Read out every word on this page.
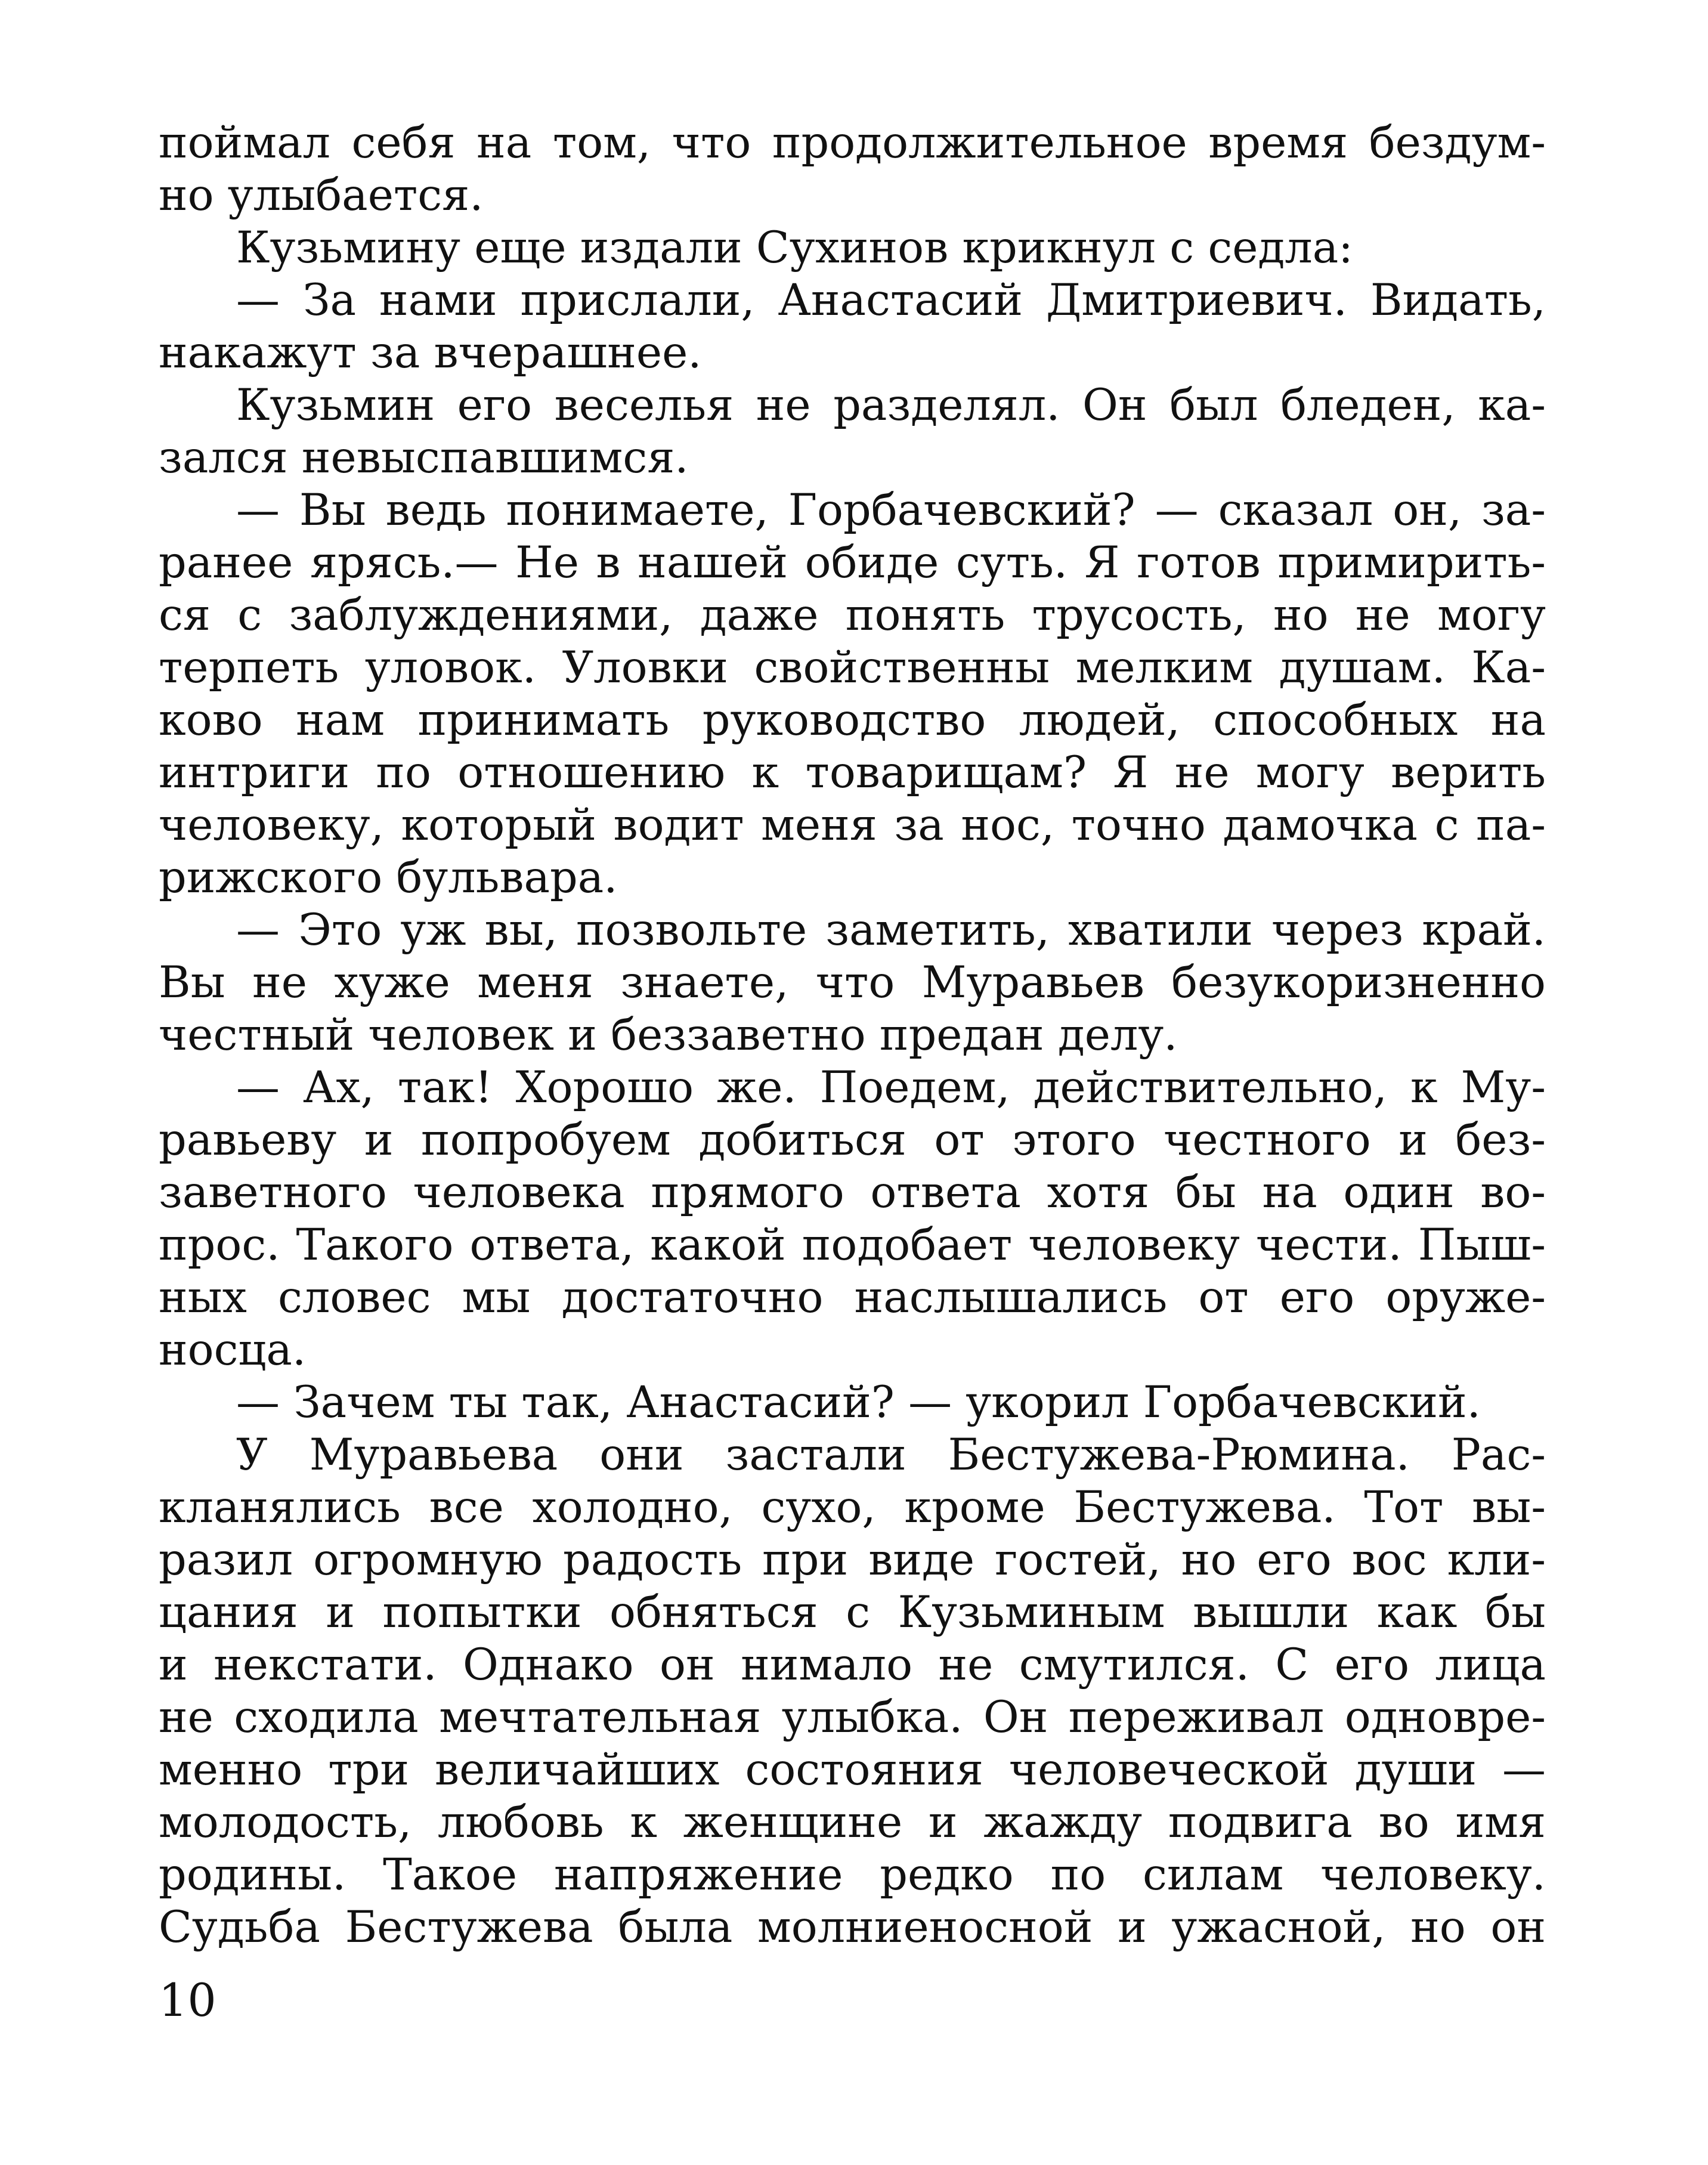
поймал себя на том, что продолжительное время бездум-
но улыбается.
Кузьмину еще издали Сухинов крикнул с седла:
— За нами прислали, Анастасий Дмитриевич. Видать,
накажут за вчерашнее.
Кузьмин его веселья не разделял. Он был бледен, ка-
зался невыспавшимся.
— Вы ведь понимаете, Горбачевский? — сказал он, за-
ранее ярясь.— Не в нашей обиде суть. Я готов примирить-
ся с заблуждениями, даже понять трусость, но не могу
терпеть уловок. Уловки свойственны мелким душам. Ка-
ково нам принимать руководство людей, способных на
интриги по отношению к товарищам? Я не могу верить
человеку, который водит меня за нос, точно дамочка с па-
рижского бульвара.
— Это уж вы, позвольте заметить, хватили через край.
Вы не хуже меня знаете, что Муравьев безукоризненно
честный человек и беззаветно предан делу.
— Ах, так! Хорошо же. Поедем, действительно, к Му-
равьеву и попробуем добиться от этого честного и без-
заветного человека прямого ответа хотя бы на один во-
прос. Такого ответа, какой подобает человеку чести. Пыш-
ных словес мы достаточно наслышались от его оруже-
носца.
— Зачем ты так, Анастасий? — укорил Горбачевский.
У Муравьева они застали Бестужева-Рюмина. Рас-
кланялись все холодно, сухо, кроме Бестужева. Тот вы-
разил огромную радость при виде гостей, но его вос кли-
цания и попытки обняться с Кузьминым вышли как бы
и некстати. Однако он нимало не смутился. С его лица
не сходила мечтательная улыбка. Он переживал одновре-
менно три величайших состояния человеческой души —
молодость, любовь к женщине и жажду подвига во имя
родины. Такое напряжение редко по силам человеку.
Судьба Бестужева была молниеносной и ужасной, но он
10
